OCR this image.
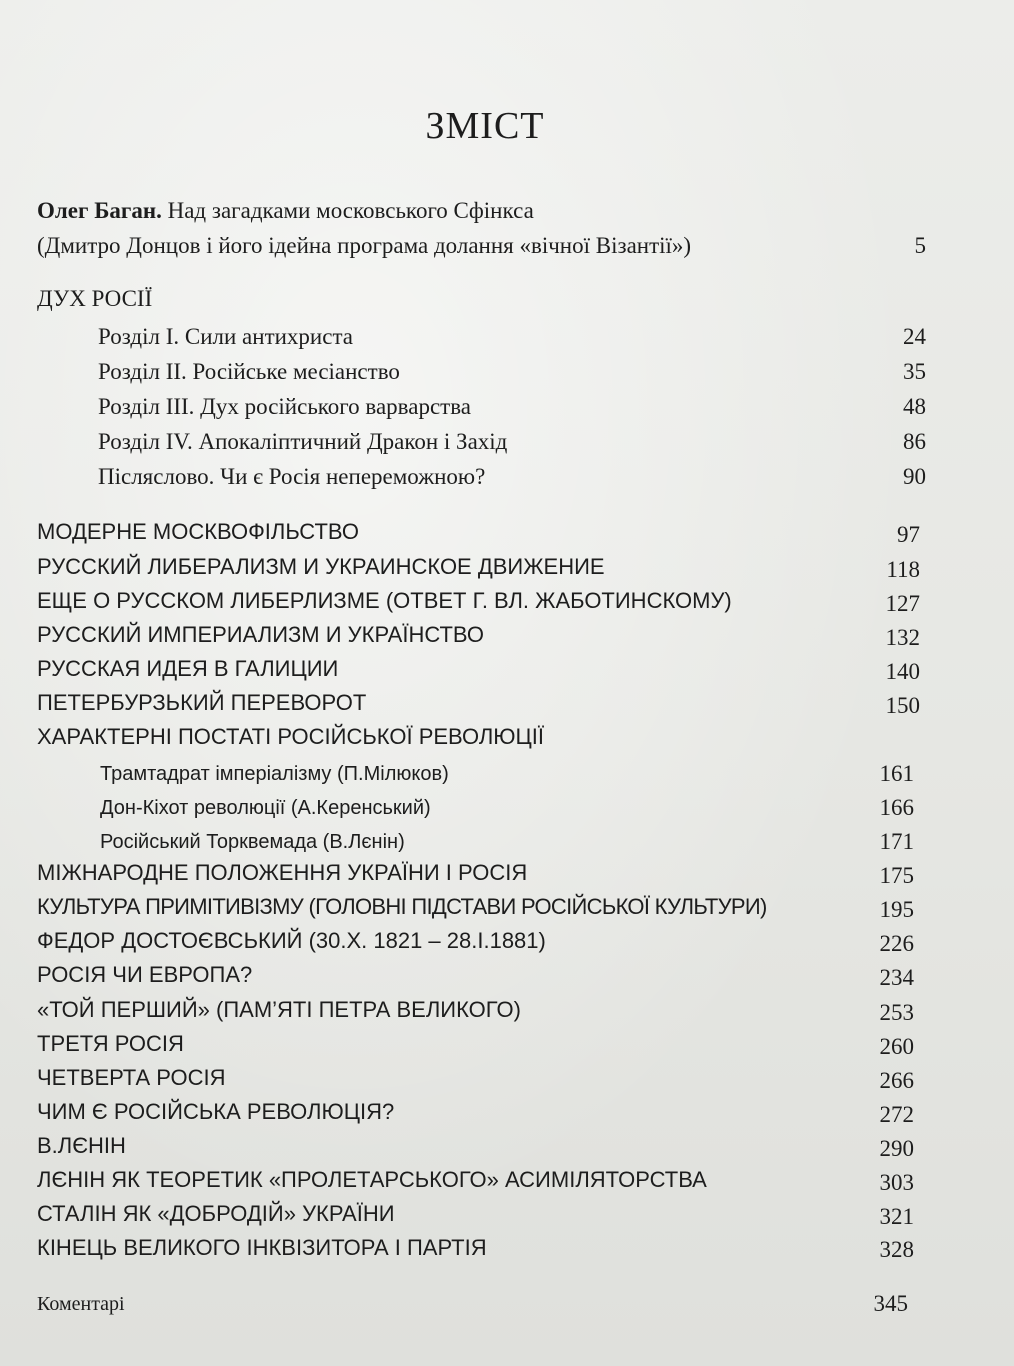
ЗМІСТ
Олег Баган. Над загадками московського Сфінкса
(Дмитро Донцов і його ідейна програма долання «вічної Візантії»)	5
ДУХ РОСІЇ
Розділ І. Сили антихриста	24
Розділ ІІ. Російське месіанство	35
Розділ ІІІ. Дух російського варварства	48
Розділ IV. Апокаліптичний Дракон і Захід	86
Післяслово. Чи є Росія непереможною?	90
МОДЕРНЕ МОСКВОФІЛЬСТВО	97
РУССКИЙ ЛИБЕРАЛИЗМ И УКРАИНСКОЕ ДВИЖЕНИЕ	118
ЕЩЕ О РУССКОМ ЛИБЕРЛИЗМЕ (ОТВЕТ Г. ВЛ. ЖАБОТИНСКОМУ)	127
РУССКИЙ ИМПЕРИАЛИЗМ И УКРАЇНСТВО	132
РУССКАЯ ИДЕЯ В ГАЛИЦИИ	140
ПЕТЕРБУРЗЬКИЙ ПЕРЕВОРОТ	150
ХАРАКТЕРНІ ПОСТАТІ РОСІЙСЬКОЇ РЕВОЛЮЦІЇ
Трамтадрат імперіалізму (П.Мілюков)	161
Дон-Кіхот революції (А.Керенський)	166
Російський Торквемада (В.Лєнін)	171
МІЖНАРОДНЕ ПОЛОЖЕННЯ УКРАЇНИ І РОСІЯ	175
КУЛЬТУРА ПРИМІТИВІЗМУ (ГОЛОВНІ ПІДСТАВИ РОСІЙСЬКОЇ КУЛЬТУРИ)	195
ФЕДОР ДОСТОЄВСЬКИЙ (30.Х. 1821 – 28.І.1881)	226
РОСІЯ ЧИ ЕВРОПА?	234
«ТОЙ ПЕРШИЙ» (ПАМ’ЯТІ ПЕТРА ВЕЛИКОГО)	253
ТРЕТЯ РОСІЯ	260
ЧЕТВЕРТА РОСІЯ	266
ЧИМ Є РОСІЙСЬКА РЕВОЛЮЦІЯ?	272
В.ЛЄНІН	290
ЛЄНІН ЯК ТЕОРЕТИК «ПРОЛЕТАРСЬКОГО» АСИМІЛЯТОРСТВА	303
СТАЛІН ЯК «ДОБРОДІЙ» УКРАЇНИ	321
КІНЕЦЬ ВЕЛИКОГО ІНКВІЗИТОРА І ПАРТІЯ	328
Коментарі	345
